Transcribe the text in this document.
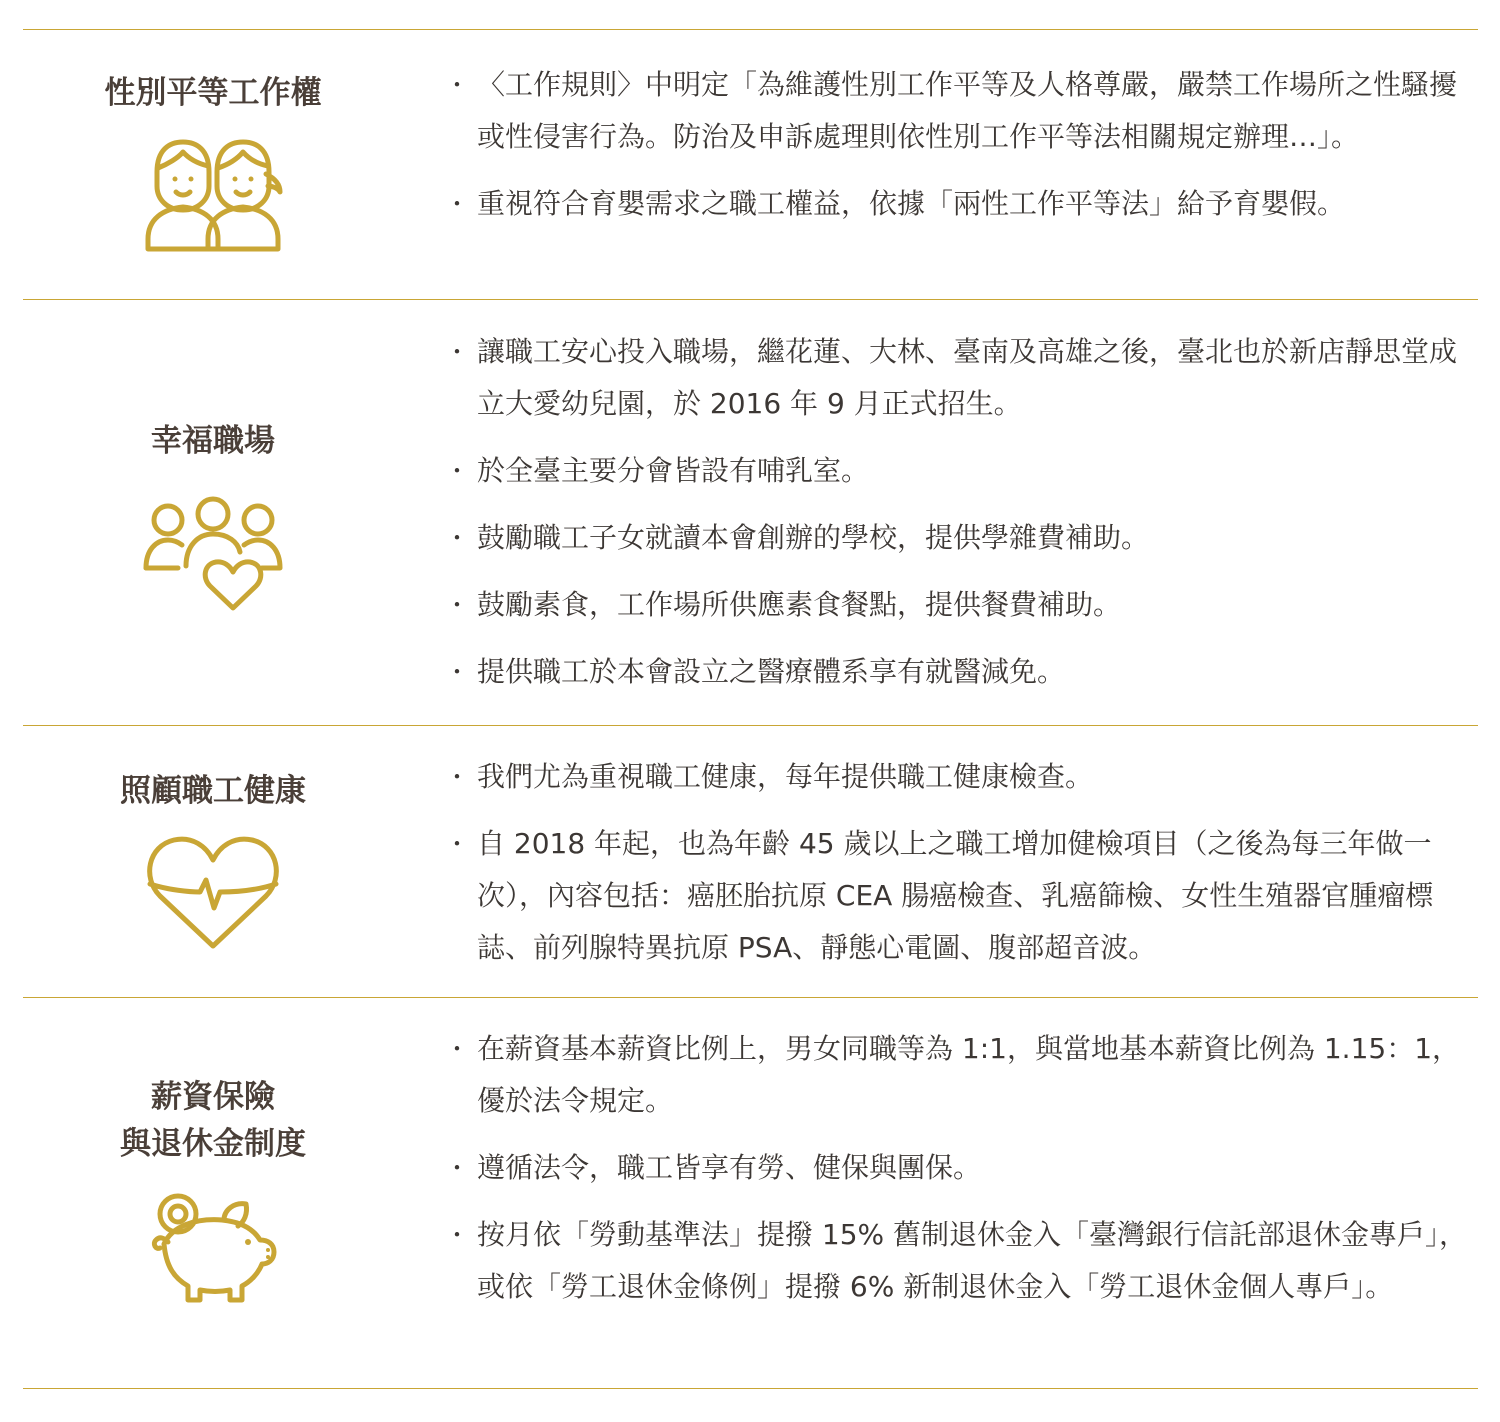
性別平等工作權	・ 〈工作規則〉中明定「為維護性別工作平等及人格尊嚴，嚴禁工作場所之性騷擾或性侵害行為。防治及申訴處理則依性別工作平等法相關規定辦理…」。
・ 重視符合育嬰需求之職工權益，依據「兩性工作平等法」給予育嬰假。
幸福職場
・ 讓職工安心投入職場，繼花蓮、大林、臺南及高雄之後，臺北也於新店靜思堂成立大愛幼兒園，於 2016 年 9 月正式招生。
・ 於全臺主要分會皆設有哺乳室。
・ 鼓勵職工子女就讀本會創辦的學校，提供學雜費補助。
・ 鼓勵素食，工作場所供應素食餐點，提供餐費補助。
・ 提供職工於本會設立之醫療體系享有就醫減免。
照顧職工健康	・ 我們尤為重視職工健康，每年提供職工健康檢查。
・ 自 2018 年起，也為年齡 45 歲以上之職工增加健檢項目（之後為每三年做一次），內容包括：癌胚胎抗原 CEA 腸癌檢查、乳癌篩檢、女性生殖器官腫瘤標誌、前列腺特異抗原 PSA、靜態心電圖、腹部超音波。
薪資保險
與退休金制度
・ 在薪資基本薪資比例上，男女同職等為 1:1，與當地基本薪資比例為 1.15：1，優於法令規定。
・ 遵循法令，職工皆享有勞、健保與團保。
・ 按月依「勞動基準法」提撥 15% 舊制退休金入「臺灣銀行信託部退休金專戶」，或依「勞工退休金條例」提撥 6% 新制退休金入「勞工退休金個人專戶」。
